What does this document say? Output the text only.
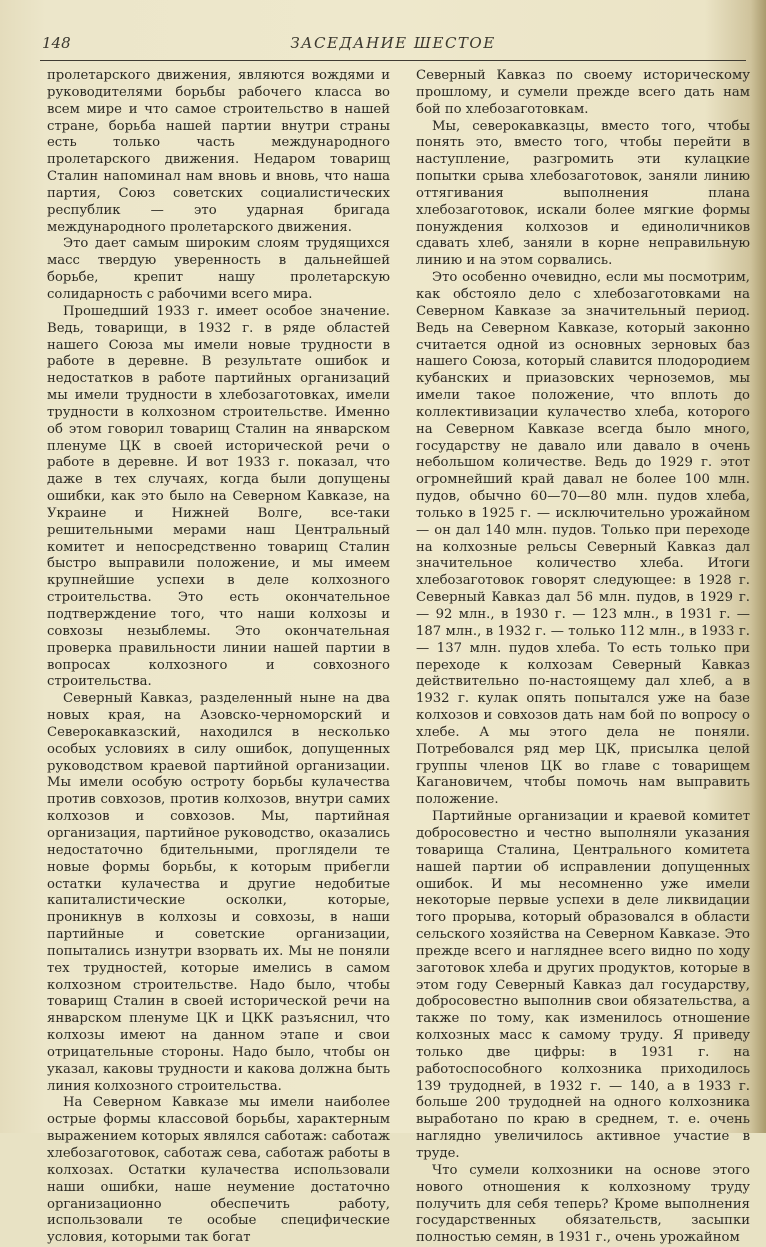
148	ЗАСЕДАНИЕ ШЕСТОЕ

пролетарского движения, являются вождями и руководителями борьбы рабочего класса во всем мире и что самое строительство в нашей стране, борьба нашей партии внутри страны есть только часть международного пролетарского движения. Недаром товарищ Сталин напоминал нам вновь и вновь, что наша партия, Союз советских социалистических республик — это ударная бригада международного пролетарского движения.

Это дает самым широким слоям трудящихся масс твердую уверенность в дальнейшей борьбе, крепит нашу пролетарскую солидарность с рабочими всего мира.

Прошедший 1933 г. имеет особое значение. Ведь, товарищи, в 1932 г. в ряде областей нашего Союза мы имели новые трудности в работе в деревне. В результате ошибок и недостатков в работе партийных организаций мы имели трудности в хлебозаготовках, имели трудности в колхозном строительстве. Именно об этом говорил товарищ Сталин на январском пленуме ЦК в своей исторической речи о работе в деревне. И вот 1933 г. показал, что даже в тех случаях, когда были допущены ошибки, как это было на Северном Кавказе, на Украине и Нижней Волге, все-таки решительными мерами наш Центральный комитет и непосредственно товарищ Сталин быстро выправили положение, и мы имеем крупнейшие успехи в деле колхозного строительства. Это есть окончательное подтверждение того, что наши колхозы и совхозы незыблемы. Это окончательная проверка правильности линии нашей партии в вопросах колхозного и совхозного строительства.

Северный Кавказ, разделенный ныне на два новых края, на Азовско-черноморский и Северокавказский, находился в несколько особых условиях в силу ошибок, допущенных руководством краевой партийной организации. Мы имели особую остроту борьбы кулачества против совхозов, против колхозов, внутри самих колхозов и совхозов. Мы, партийная организация, партийное руководство, оказались недостаточно бдительными, проглядели те новые формы борьбы, к которым прибегли остатки кулачества и другие недобитые капиталистические осколки, которые, проникнув в колхозы и совхозы, в наши партийные и советские организации, попытались изнутри взорвать их. Мы не поняли тех трудностей, которые имелись в самом колхозном строительстве. Надо было, чтобы товарищ Сталин в своей исторической речи на январском пленуме ЦК и ЦКК разъяснил, что колхозы имеют на данном этапе и свои отрицательные стороны. Надо было, чтобы он указал, каковы трудности и какова должна быть линия колхозного строительства.

На Северном Кавказе мы имели наиболее острые формы классовой борьбы, характерным выражением которых являлся саботаж: саботаж хлебозаготовок, саботаж сева, саботаж работы в колхозах. Остатки кулачества использовали наши ошибки, наше неумение достаточно организационно обеспечить работу, использовали те особые специфические условия, которыми так богат

Северный Кавказ по своему историческому прошлому, и сумели прежде всего дать нам бой по хлебозаготовкам.

Мы, северокавказцы, вместо того, чтобы понять это, вместо того, чтобы перейти в наступление, разгромить эти кулацкие попытки срыва хлебозаготовок, заняли линию оттягивания выполнения плана хлебозаготовок, искали более мягкие формы понуждения колхозов и единоличников сдавать хлеб, заняли в корне неправильную линию и на этом сорвались.

Это особенно очевидно, если мы посмотрим, как обстояло дело с хлебозаготовками на Северном Кавказе за значительный период. Ведь на Северном Кавказе, который законно считается одной из основных зерновых баз нашего Союза, который славится плодородием кубанских и приазовских черноземов, мы имели такое положение, что вплоть до коллективизации кулачество хлеба, которого на Северном Кавказе всегда было много, государству не давало или давало в очень небольшом количестве. Ведь до 1929 г. этот огромнейший край давал не более 100 млн. пудов, обычно 60—70—80 млн. пудов хлеба, только в 1925 г. — исключительно урожайном — он дал 140 млн. пудов. Только при переходе на колхозные рельсы Северный Кавказ дал значительное количество хлеба. Итоги хлебозаготовок говорят следующее: в 1928 г. Северный Кавказ дал 56 млн. пудов, в 1929 г. — 92 млн., в 1930 г. — 123 млн., в 1931 г. — 187 млн., в 1932 г. — только 112 млн., в 1933 г. — 137 млн. пудов хлеба. То есть только при переходе к колхозам Северный Кавказ действительно по-настоящему дал хлеб, а в 1932 г. кулак опять попытался уже на базе колхозов и совхозов дать нам бой по вопросу о хлебе. А мы этого дела не поняли. Потребовался ряд мер ЦК, присылка целой группы членов ЦК во главе с товарищем Кагановичем, чтобы помочь нам выправить положение.

Партийные организации и краевой комитет добросовестно и честно выполняли указания товарища Сталина, Центрального комитета нашей партии об исправлении допущенных ошибок. И мы несомненно уже имели некоторые первые успехи в деле ликвидации того прорыва, который образовался в области сельского хозяйства на Северном Кавказе. Это прежде всего и нагляднее всего видно по ходу заготовок хлеба и других продуктов, которые в этом году Северный Кавказ дал государству, добросовестно выполнив свои обязательства, а также по тому, как изменилось отношение колхозных масс к самому труду. Я приведу только две цифры: в 1931 г. на работоспособного колхозника приходилось 139 трудодней, в 1932 г. — 140, а в 1933 г. больше 200 трудодней на одного колхозника выработано по краю в среднем, т. е. очень наглядно увеличилось активное участие в труде.

Что сумели колхозники на основе этого нового отношения к колхозному труду получить для себя теперь? Кроме выполнения государственных обязательств, засыпки полностью семян, в 1931 г., очень урожайном
